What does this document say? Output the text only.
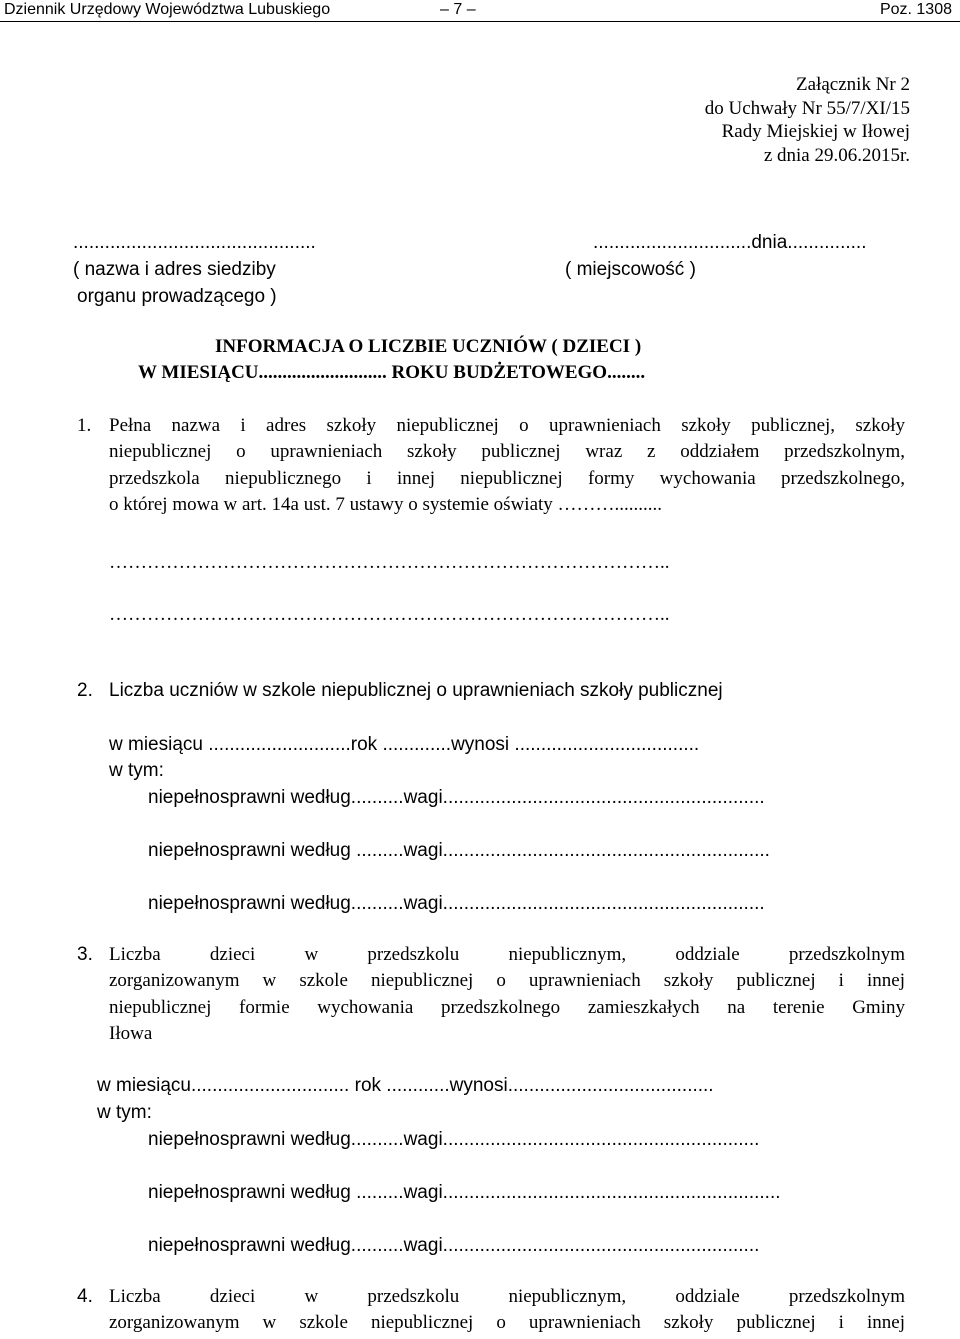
Dziennik Urzędowy Województwa Lubuskiego	– 7 –	Poz. 1308
Załącznik Nr 2
do Uchwały Nr 55/7/XI/15
Rady Miejskiej w Iłowej
z dnia 29.06.2015r.
..............................................
( nazwa i adres siedziby
organu prowadzącego )
..............................dnia...............
( miejscowość )
INFORMACJA O LICZBIE UCZNIÓW ( DZIECI )
W MIESIĄCU........................... ROKU BUDŻETOWEGO........
1. Pełna nazwa i adres szkoły niepublicznej o uprawnieniach szkoły publicznej, szkoły
niepublicznej o uprawnieniach szkoły publicznej wraz z oddziałem przedszkolnym,
przedszkola niepublicznego i innej niepublicznej formy wychowania przedszkolnego,
o której mowa w art. 14a ust. 7 ustawy o systemie oświaty ………..........
……………………………………………………………………………..
……………………………………………………………………………..
2. Liczba uczniów w szkole niepublicznej o uprawnieniach szkoły publicznej
w miesiącu ...........................rok .............wynosi ...................................
w tym:
niepełnosprawni według..........wagi.............................................................
niepełnosprawni według .........wagi..............................................................
niepełnosprawni według..........wagi.............................................................
3. Liczba dzieci w przedszkolu niepublicznym, oddziale przedszkolnym
zorganizowanym w szkole niepublicznej o uprawnieniach szkoły publicznej i innej
niepublicznej formie wychowania przedszkolnego zamieszkałych na terenie Gminy
Iłowa
w miesiącu.............................. rok ............wynosi.......................................
w tym:
niepełnosprawni według..........wagi............................................................
niepełnosprawni według .........wagi................................................................
niepełnosprawni według..........wagi............................................................
4. Liczba dzieci w przedszkolu niepublicznym, oddziale przedszkolnym
zorganizowanym w szkole niepublicznej o uprawnieniach szkoły publicznej i innej
